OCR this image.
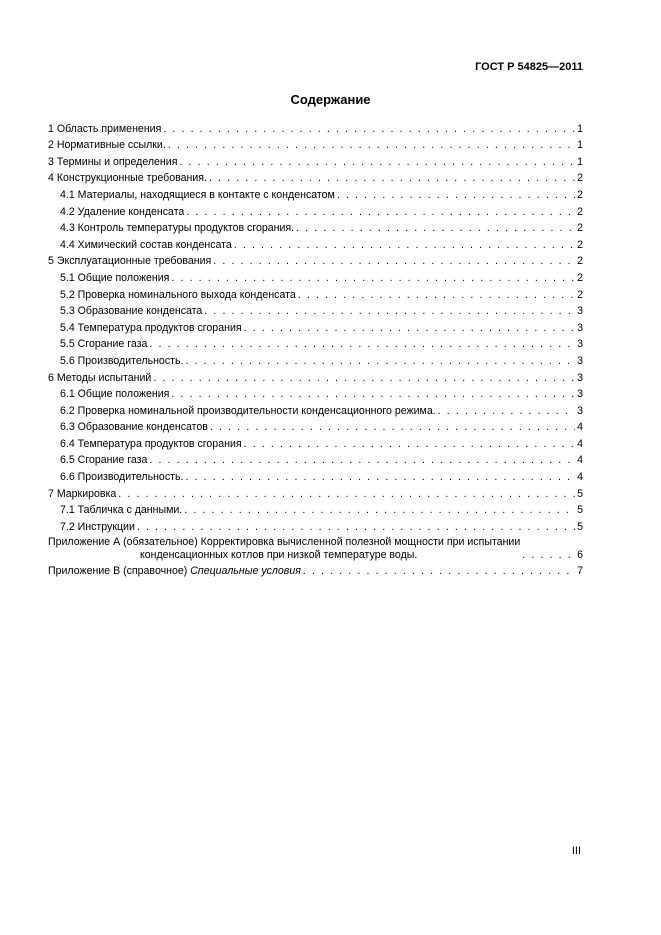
ГОСТ Р 54825—2011
Содержание
1 Область применения . . .	1
2 Нормативные ссылки. . . .	1
3 Термины и определения . . .	1
4 Конструкционные требования. . . .	2
4.1 Материалы, находящиеся в контакте с конденсатом . . .	2
4.2 Удаление конденсата . . .	2
4.3 Контроль температуры продуктов сгорания. . . .	2
4.4 Химический состав конденсата . . .	2
5 Эксплуатационные требования . . .	2
5.1 Общие положения . . .	2
5.2 Проверка номинального выхода конденсата . . .	2
5.3 Образование конденсата . . .	3
5.4 Температура продуктов сгорания . . .	3
5.5 Сгорание газа . . .	3
5.6 Производительность. . . .	3
6 Методы испытаний . . .	3
6.1 Общие положения . . .	3
6.2 Проверка номинальной производительности конденсационного режима. . . .	3
6.3 Образование конденсатов . . .	4
6.4 Температура продуктов сгорания . . .	4
6.5 Сгорание газа . . .	4
6.6 Производительность. . . .	4
7 Маркировка . . .	5
7.1 Табличка с данными. . . .	5
7.2 Инструкции . . .	5
Приложение А (обязательное) Корректировка вычисленной полезной мощности при испытании
конденсационных котлов при низкой температуре воды. . . .	6
Приложение В (справочное) Специальные условия . . .	7
III
